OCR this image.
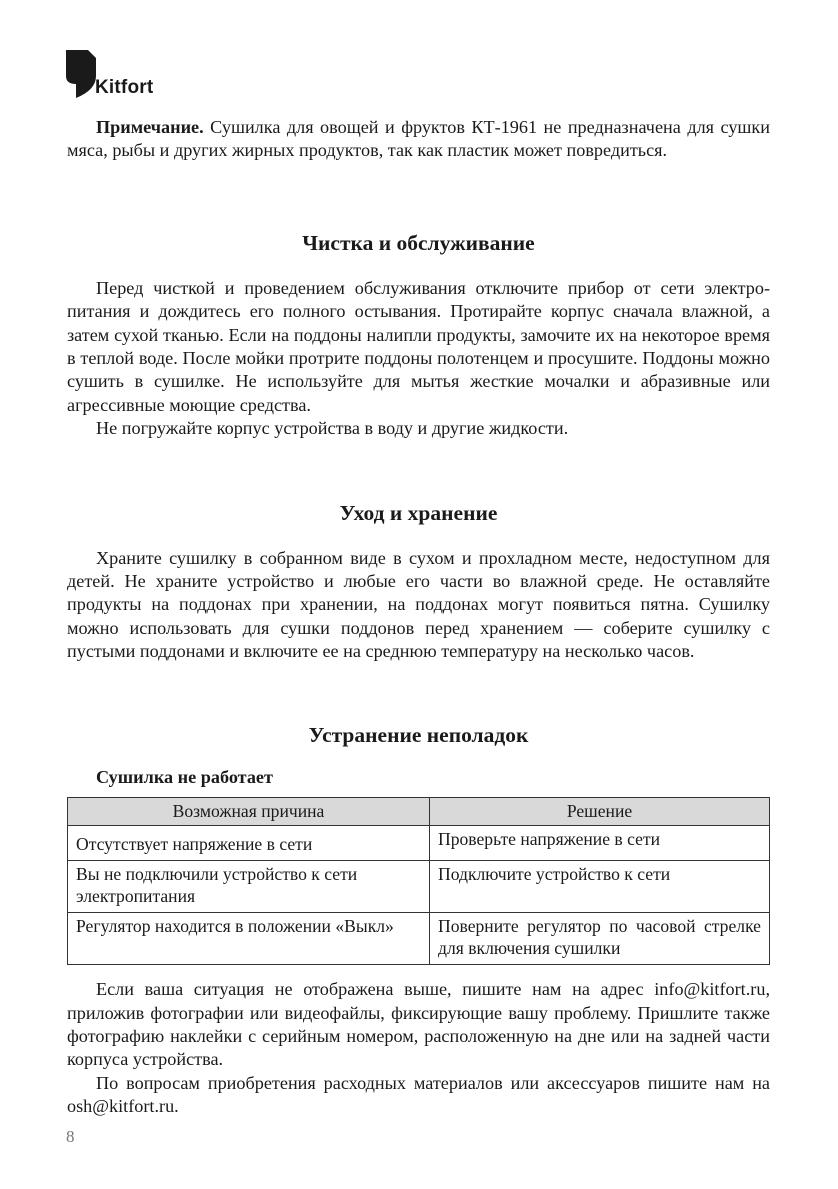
Kitfort

Примечание. Сушилка для овощей и фруктов КТ-1961 не предназначена для сушки мяса, рыбы и других жирных продуктов, так как пластик может повредиться.

Чистка и обслуживание

Перед чисткой и проведением обслуживания отключите прибор от сети электропитания и дождитесь его полного остывания. Протирайте корпус сначала влажной, а затем сухой тканью. Если на поддоны налипли продукты, замочите их на некоторое время в теплой воде. После мойки протрите поддоны полотенцем и просушите. Поддоны можно сушить в сушилке. Не используйте для мытья жесткие мочалки и абразивные или агрессивные моющие средства.

Не погружайте корпус устройства в воду и другие жидкости.

Уход и хранение

Храните сушилку в собранном виде в сухом и прохладном месте, недоступном для детей. Не храните устройство и любые его части во влажной среде. Не оставляйте продукты на поддонах при хранении, на поддонах могут появиться пятна. Сушилку можно использовать для сушки поддонов перед хранением — соберите сушилку с пустыми поддонами и включите ее на среднюю температуру на несколько часов.

Устранение неполадок
Сушилка не работает
Возможная причина	Решение
Отсутствует напряжение в сети	Проверьте напряжение в сети
Вы не подключили устройство к сети электропитания	Подключите устройство к сети
Регулятор находится в положении «Выкл»	Поверните регулятор по часовой стрелке для включения сушилки

Если ваша ситуация не отображена выше, пишите нам на адрес info@kitfort.ru, приложив фотографии или видеофайлы, фиксирующие вашу проблему. Пришлите также фотографию наклейки с серийным номером, расположенную на дне или на задней части корпуса устройства.

По вопросам приобретения расходных материалов или аксессуаров пишите нам на osh@kitfort.ru.

8
